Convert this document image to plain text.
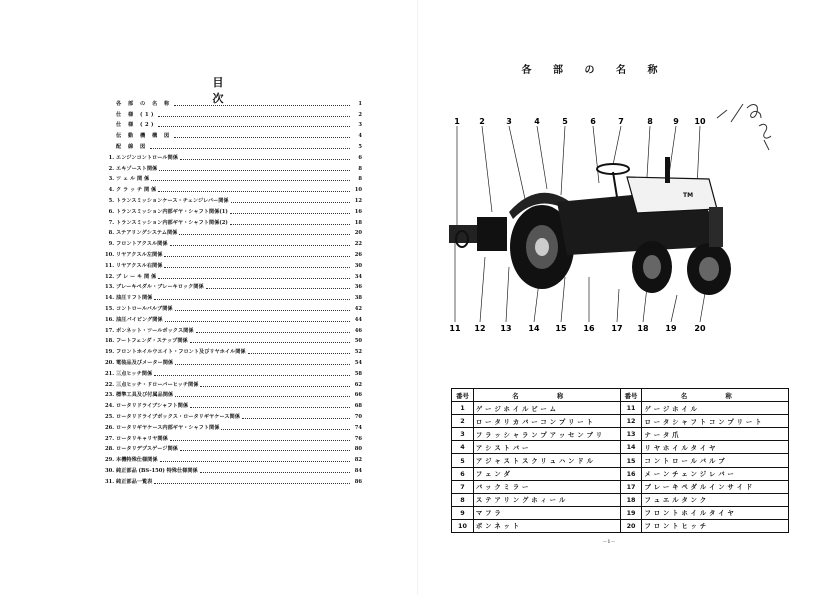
目 次
各 部 の 名 称	1
仕 様 (1)	2
仕 様 (2)	3
伝 動 機 構 図	4
配 線 図	5
1. エンジンコントロール関係	6
2. エキゾースト関係	8
3. ツ ェ ル 関 係	8
4. ク ラ ッ チ 関 係	10
5. トランスミッションケース・チェンジレバー関係	12
6. トランスミッション内部ギヤ・シャフト関係(1)	16
7. トランスミッション内部ギヤ・シャフト関係(2)	18
8. ステアリングシステム関係	20
9. フロントアクスル関係	22
10. リヤアクスル左関係	26
11. リヤアクスル右関係	30
12. ブ レ ー キ 関 係	34
13. ブレーキペダル・ブレーキロック関係	36
14. 油圧リフト関係	38
15. コントロールバルブ関係	42
16. 油圧パイピング関係	44
17. ボンネット・ツールボックス関係	46
18. フートフェンダ・ステップ関係	50
19. フロントホイルウエイト・フロント及びリヤホイル関係	52
20. 電装品及びメーター関係	54
21. 三点ヒッチ関係	58
22. 三点ヒッチ・ドローバーヒッチ関係	62
23. 標準工具及び付属品関係	66
24. ロータリドライブシャフト関係	68
25. ロータリドライブボックス・ロータリギヤケース関係	70
26. ロータリギヤケース内部ギヤ・シャフト関係	74
27. ロータリキャリヤ関係	76
28. ロータリデプスゲージ関係	80
29. 本機特殊仕様関係	82
30. 純正部品 (BS-150) 特殊仕様関係	84
31. 純正部品一覧表	86
各 部 の 名 称
TM
1 2	3	4	5	6	7	8	9 10
11 12 13 14 15 16 17 18 19 20
番号	名 称	番号	名 称
1	ゲ ー ジ ホ イ ル ビ ー ム	11	ゲ ー ジ ホ イ ル
2	ロ ー タ リ カ バ ー コ ン プ リ ー ト	12	ロ ー タ シ ャ フ ト コ ン プ リ ー ト
3	フ ラ ッ シ ャ ラ ン プ ア ッ セ ン ブ リ	13	ナ ー タ 爪
4	ア シ ス ト バ ー	14	リ ヤ ホ イ ル タ イ ヤ
5	ア ジ ャ ス ト ス ク リ ュ ハ ン ド ル	15	コ ン ト ロ ー ル バ ル ブ
6	フ ェ ン ダ	16	メ ー ン チ ェ ン ジ レ バ ー
7	バ ッ ク ミ ラ ー	17	ブ レ ー キ ペ ダ ル イ ン サ イ ド
8	ス テ ア リ ン グ ホ ィ ー ル	18	フ ュ エ ル タ ン ク
9	マ フ ラ	19	フ ロ ン ト ホ イ ル タ イ ヤ
10	ボ ン ネ ッ ト	20	フ ロ ン ト ヒ ッ チ
－1－
